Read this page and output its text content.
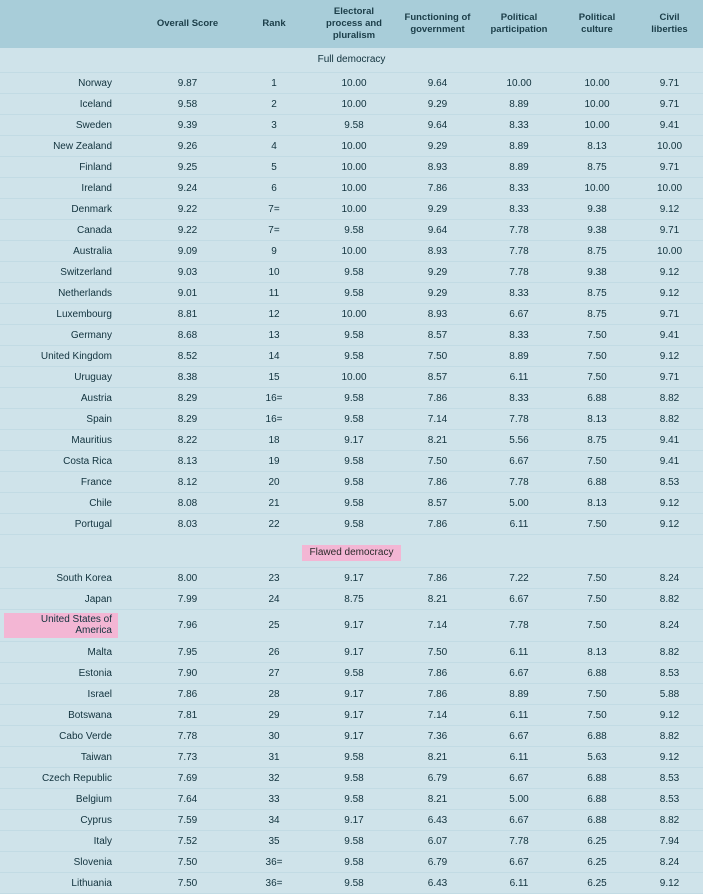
	Overall Score	Rank	Electoral process and pluralism	Functioning of government	Political participation	Political culture	Civil liberties
Full democracy							
Norway	9.87	1	10.00	9.64	10.00	10.00	9.71
Iceland	9.58	2	10.00	9.29	8.89	10.00	9.71
Sweden	9.39	3	9.58	9.64	8.33	10.00	9.41
New Zealand	9.26	4	10.00	9.29	8.89	8.13	10.00
Finland	9.25	5	10.00	8.93	8.89	8.75	9.71
Ireland	9.24	6	10.00	7.86	8.33	10.00	10.00
Denmark	9.22	7=	10.00	9.29	8.33	9.38	9.12
Canada	9.22	7=	9.58	9.64	7.78	9.38	9.71
Australia	9.09	9	10.00	8.93	7.78	8.75	10.00
Switzerland	9.03	10	9.58	9.29	7.78	9.38	9.12
Netherlands	9.01	11	9.58	9.29	8.33	8.75	9.12
Luxembourg	8.81	12	10.00	8.93	6.67	8.75	9.71
Germany	8.68	13	9.58	8.57	8.33	7.50	9.41
United Kingdom	8.52	14	9.58	7.50	8.89	7.50	9.12
Uruguay	8.38	15	10.00	8.57	6.11	7.50	9.71
Austria	8.29	16=	9.58	7.86	8.33	6.88	8.82
Spain	8.29	16=	9.58	7.14	7.78	8.13	8.82
Mauritius	8.22	18	9.17	8.21	5.56	8.75	9.41
Costa Rica	8.13	19	9.58	7.50	6.67	7.50	9.41
France	8.12	20	9.58	7.86	7.78	6.88	8.53
Chile	8.08	21	9.58	8.57	5.00	8.13	9.12
Portugal	8.03	22	9.58	7.86	6.11	7.50	9.12
Flawed democracy							
South Korea	8.00	23	9.17	7.86	7.22	7.50	8.24
Japan	7.99	24	8.75	8.21	6.67	7.50	8.82
United States of America	7.96	25	9.17	7.14	7.78	7.50	8.24
Malta	7.95	26	9.17	7.50	6.11	8.13	8.82
Estonia	7.90	27	9.58	7.86	6.67	6.88	8.53
Israel	7.86	28	9.17	7.86	8.89	7.50	5.88
Botswana	7.81	29	9.17	7.14	6.11	7.50	9.12
Cabo Verde	7.78	30	9.17	7.36	6.67	6.88	8.82
Taiwan	7.73	31	9.58	8.21	6.11	5.63	9.12
Czech Republic	7.69	32	9.58	6.79	6.67	6.88	8.53
Belgium	7.64	33	9.58	8.21	5.00	6.88	8.53
Cyprus	7.59	34	9.17	6.43	6.67	6.88	8.82
Italy	7.52	35	9.58	6.07	7.78	6.25	7.94
Slovenia	7.50	36=	9.58	6.79	6.67	6.25	8.24
Lithuania	7.50	36=	9.58	6.43	6.11	6.25	9.12
